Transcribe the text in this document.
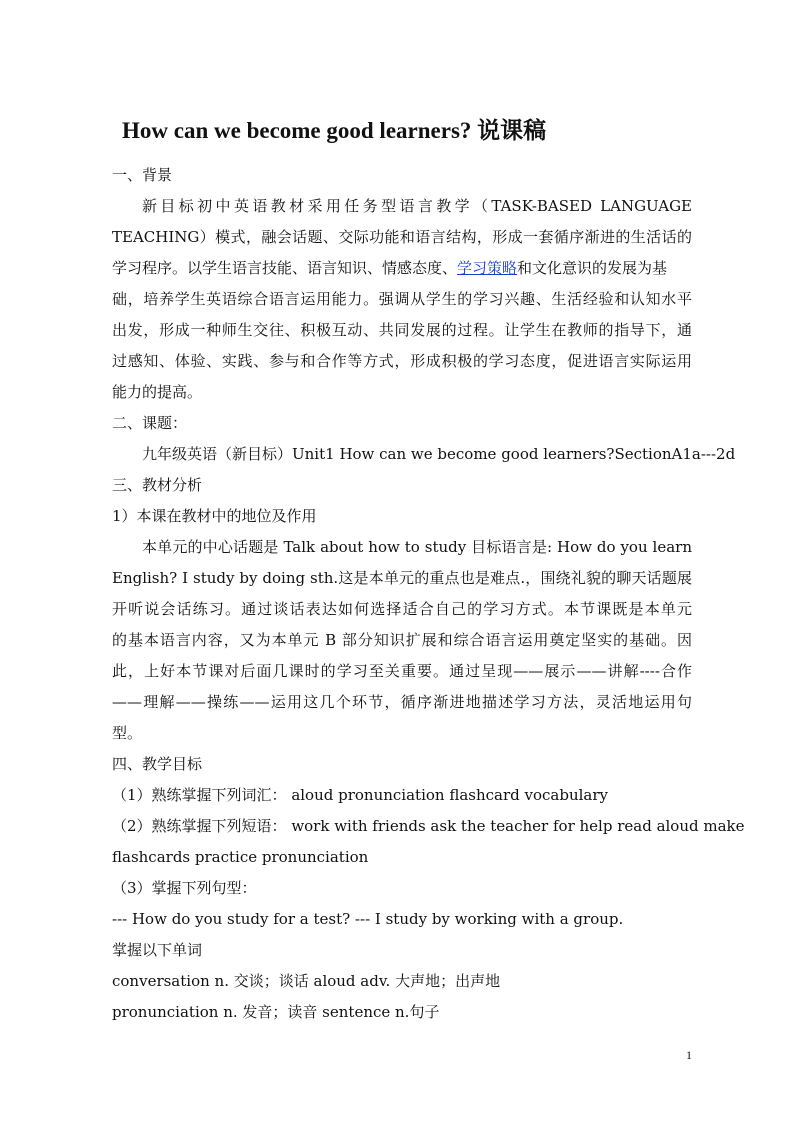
How can we become good learners? 说课稿
一、背景
新目标初中英语教材采用任务型语言教学（TASK-BASED LANGUAGE
TEACHING）模式，融会话题、交际功能和语言结构，形成一套循序渐进的生活话的
学习程序。以学生语言技能、语言知识、情感态度、学习策略和文化意识的发展为基
础，培养学生英语综合语言运用能力。强调从学生的学习兴趣、生活经验和认知水平
出发，形成一种师生交往、积极互动、共同发展的过程。让学生在教师的指导下，通
过感知、体验、实践、参与和合作等方式，形成积极的学习态度，促进语言实际运用
能力的提高。
二、课题：
九年级英语（新目标）Unit1 How can we become good learners?SectionA1a---2d
三、教材分析
1）本课在教材中的地位及作用
本单元的中心话题是 Talk about how to study 目标语言是: How do you learn
English? I study by doing sth.这是本单元的重点也是难点.，围绕礼貌的聊天话题展
开听说会话练习。通过谈话表达如何选择适合自己的学习方式。本节课既是本单元
的基本语言内容，又为本单元 B 部分知识扩展和综合语言运用奠定坚实的基础。因
此，上好本节课对后面几课时的学习至关重要。通过呈现——展示——讲解----合作
——理解——操练——运用这几个环节，循序渐进地描述学习方法，灵活地运用句
型。
四、教学目标
（1）熟练掌握下列词汇： aloud pronunciation flashcard vocabulary
（2）熟练掌握下列短语： work with friends ask the teacher for help read aloud make
flashcards practice pronunciation
（3）掌握下列句型：
--- How do you study for a test? --- I study by working with a group.
掌握以下单词
conversation n. 交谈；谈话 aloud adv. 大声地；出声地
pronunciation n. 发音；读音 sentence n.句子
1
